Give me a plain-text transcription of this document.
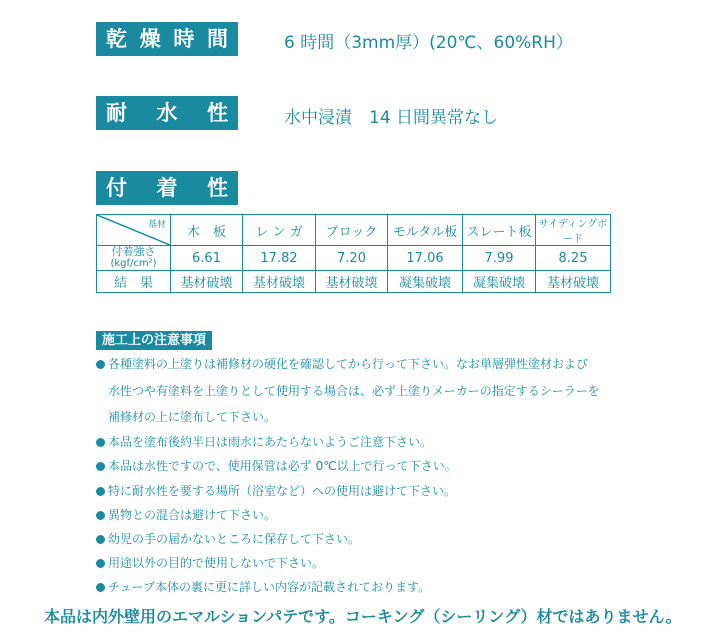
乾 燥 時 間	6 時間（3mm厚）(20℃、60%RH）
耐 水 性	水中浸漬　14 日間異常なし
付 着 性
基材	木　板	レ ン ガ	ブロック	モルタル板	スレート板	サイディングボード

付着強さ
(kgf/cm²)	6.61	17.82	7.20	17.06	7.99	8.25
結　果	基材破壊	基材破壊	基材破壊	凝集破壊	凝集破壊	基材破壊
施工上の注意事項
各種塗料の上塗りは補修材の硬化を確認してから行って下さい。なお単層弾性塗材および
水性つや有塗料を上塗りとして使用する場合は、必ず上塗りメーカーの指定するシーラーを
補修材の上に塗布して下さい。
本品を塗布後約半日は雨水にあたらないようご注意下さい。
本品は水性ですので、使用保管は必ず 0℃以上で行って下さい。
特に耐水性を要する場所（浴室など）への使用は避けて下さい。
異物との混合は避けて下さい。
幼児の手の届かないところに保存して下さい。
用途以外の目的で使用しないで下さい。
チューブ本体の裏に更に詳しい内容が記載されております。
本品は内外壁用のエマルションパテです。コーキング（シーリング）材ではありません。
